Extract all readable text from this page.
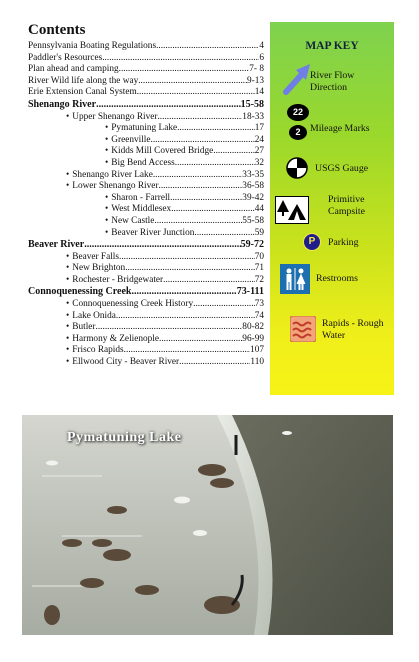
Contents
Pennsylvania Boating Regulations .....	4
Paddler's Resources .....	6
Plan ahead and camping .....	7- 8
River Wild life along the way .....	9-13
Erie Extension Canal System .....	14
Shenango River .....	15-58
• Upper Shenango River .....	18-33
• Pymatuning Lake .....	17
• Greenville .....	24
• Kidds Mill Covered Bridge .....	27
• Big Bend Access .....	32
• Shenango River Lake .....	33-35
• Lower Shenango River .....	36-58
• Sharon - Farrell .....	39-42
• West Middlesex .....	44
• New Castle .....	55-58
• Beaver River Junction .....	59
Beaver River .....	59-72
• Beaver Falls .....	70
• New Brighton .....	71
• Rochester - Bridgewater .....	72
Connoquenessing Creek .....	73-111
• Connoquenessing Creek History .....	73
• Lake Onida .....	74
• Butler .....	80-82
• Harmony & Zelienople .....	96-99
• Frisco Rapids .....	107
• Ellwood City - Beaver River .....	110
MAP KEY
River Flow Direction
22
2 Mileage Marks
USGS Gauge
Primitive Campsite
P	Parking
Restrooms
Rapids - Rough Water
Pymatuning Lake
